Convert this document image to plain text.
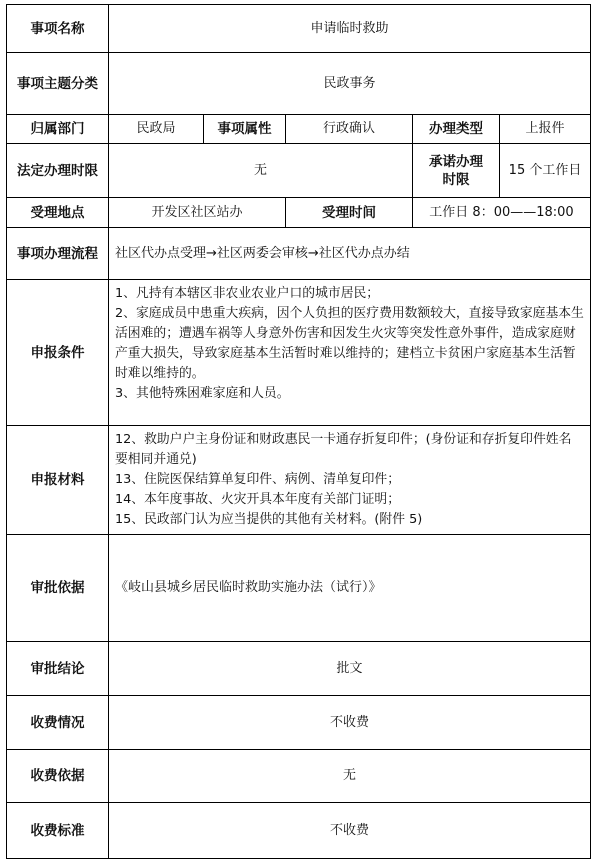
事项名称	申请临时救助				
事项主题分类	民政事务				
归属部门	民政局	事项属性	行政确认	办理类型	上报件
法定办理时限	无			承诺办理时限	15 个工作日
受理地点	开发区社区站办		受理时间	工作日 8：00——18:00	
事项办理流程	社区代办点受理→社区两委会审核→社区代办点办结				
申报条件	1、凡持有本辖区非农业农业户口的城市居民；

2、家庭成员中患重大疾病，因个人负担的医疗费用数额较大，直接导致家庭基本生活困难的；遭遇车祸等人身意外伤害和因发生火灾等突发性意外事件，造成家庭财产重大损失，导致家庭基本生活暂时难以维持的；建档立卡贫困户家庭基本生活暂时难以维持的。

3、其他特殊困难家庭和人员。				

申报材料	12、救助户户主身份证和财政惠民一卡通存折复印件；(身份证和存折复印件姓名要相同并通兑)

13、住院医保结算单复印件、病例、清单复印件；

14、本年度事故、火灾开具本年度有关部门证明；

15、民政部门认为应当提供的其他有关材料。(附件 5)				

审批依据	《岐山县城乡居民临时救助实施办法（试行）》				
审批结论	批文				
收费情况	不收费				
收费依据	无				
收费标准	不收费				
